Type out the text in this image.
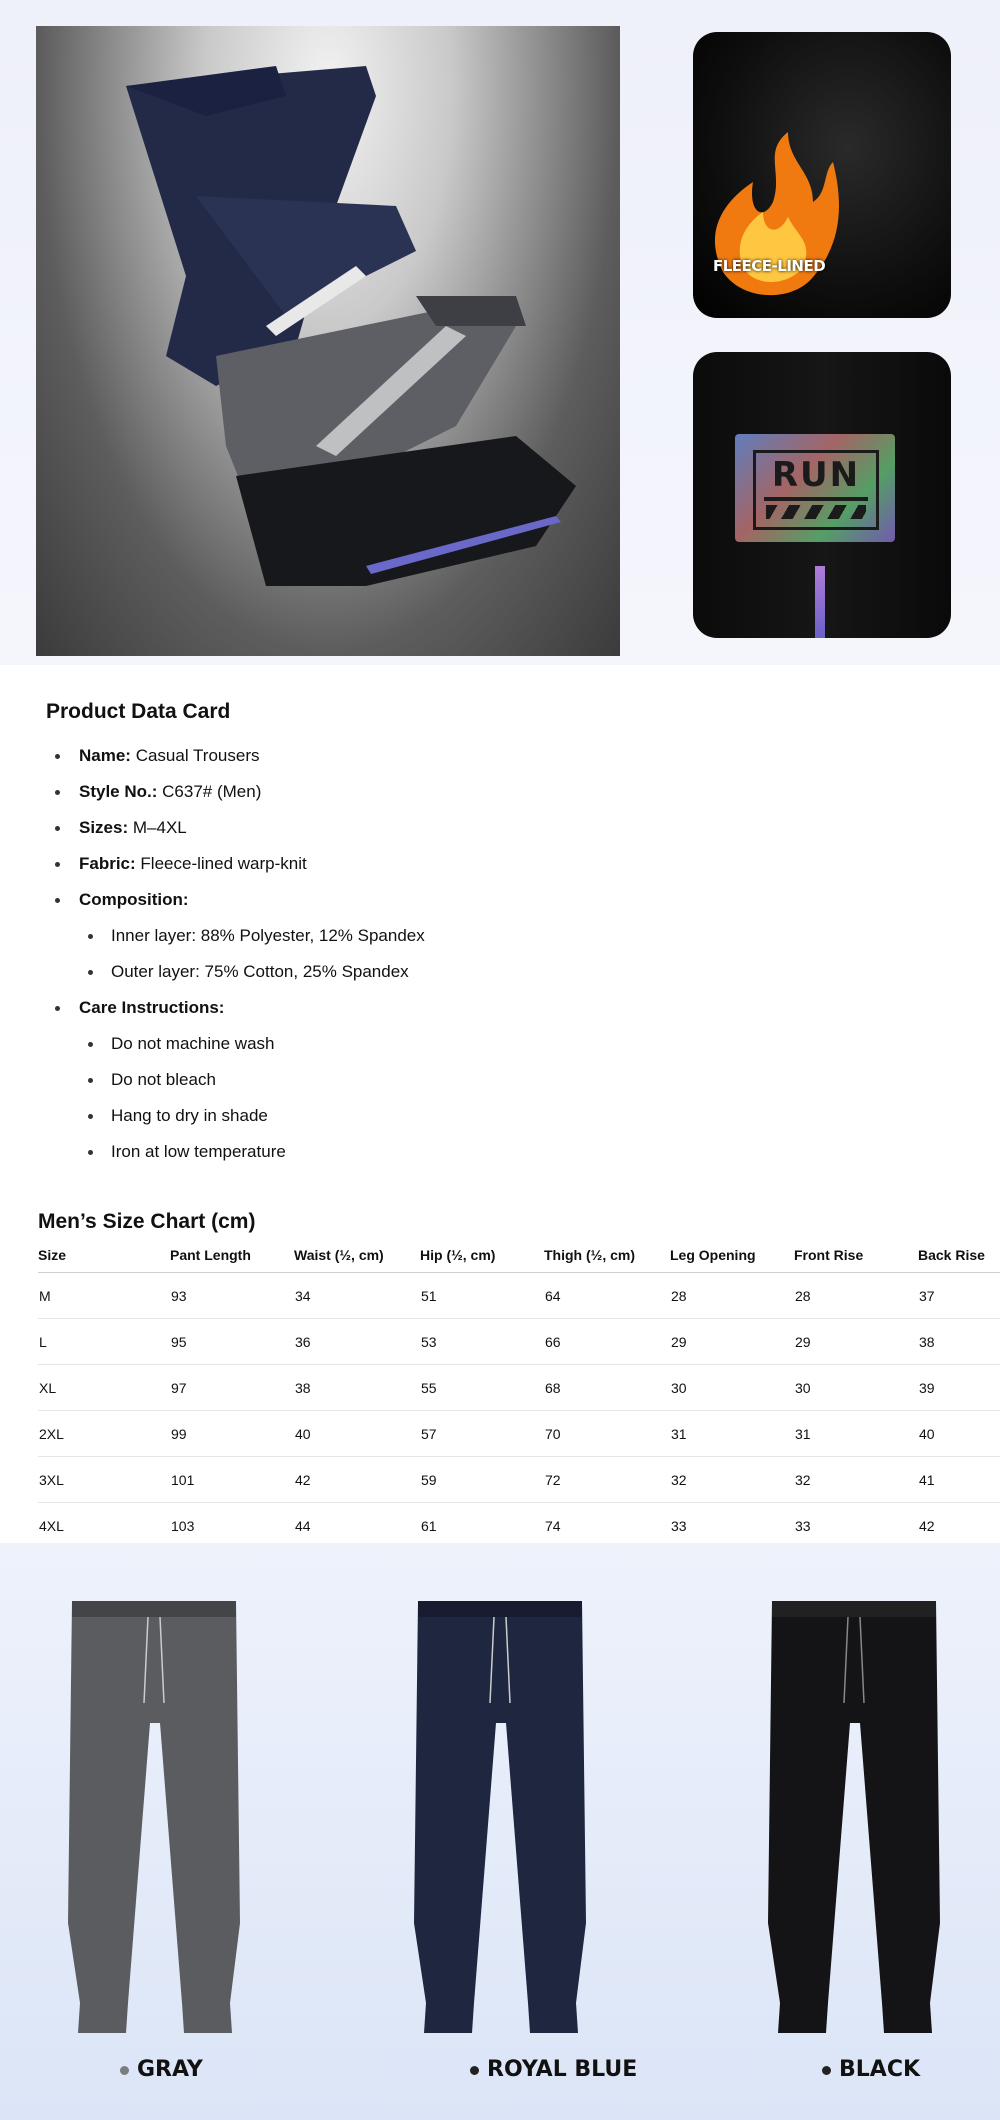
FLEECE-LINED
RUN
Product Data Card
Name: Casual Trousers
Style No.: C637# (Men)
Sizes: M–4XL
Fabric: Fleece-lined warp-knit
Composition:
Inner layer: 88% Polyester, 12% Spandex
Outer layer: 75% Cotton, 25% Spandex
Care Instructions:
Do not machine wash
Do not bleach
Hang to dry in shade
Iron at low temperature
Men’s Size Chart (cm)
Size	Pant Length	Waist (½, cm)	Hip (½, cm)	Thigh (½, cm)	Leg Opening	Front Rise	Back Rise
M	93	34	51	64	28	28	37
L	95	36	53	66	29	29	38
XL	97	38	55	68	30	30	39
2XL	99	40	57	70	31	31	40
3XL	101	42	59	72	32	32	41
4XL	103	44	61	74	33	33	42
GRAY	ROYAL BLUE	BLACK
